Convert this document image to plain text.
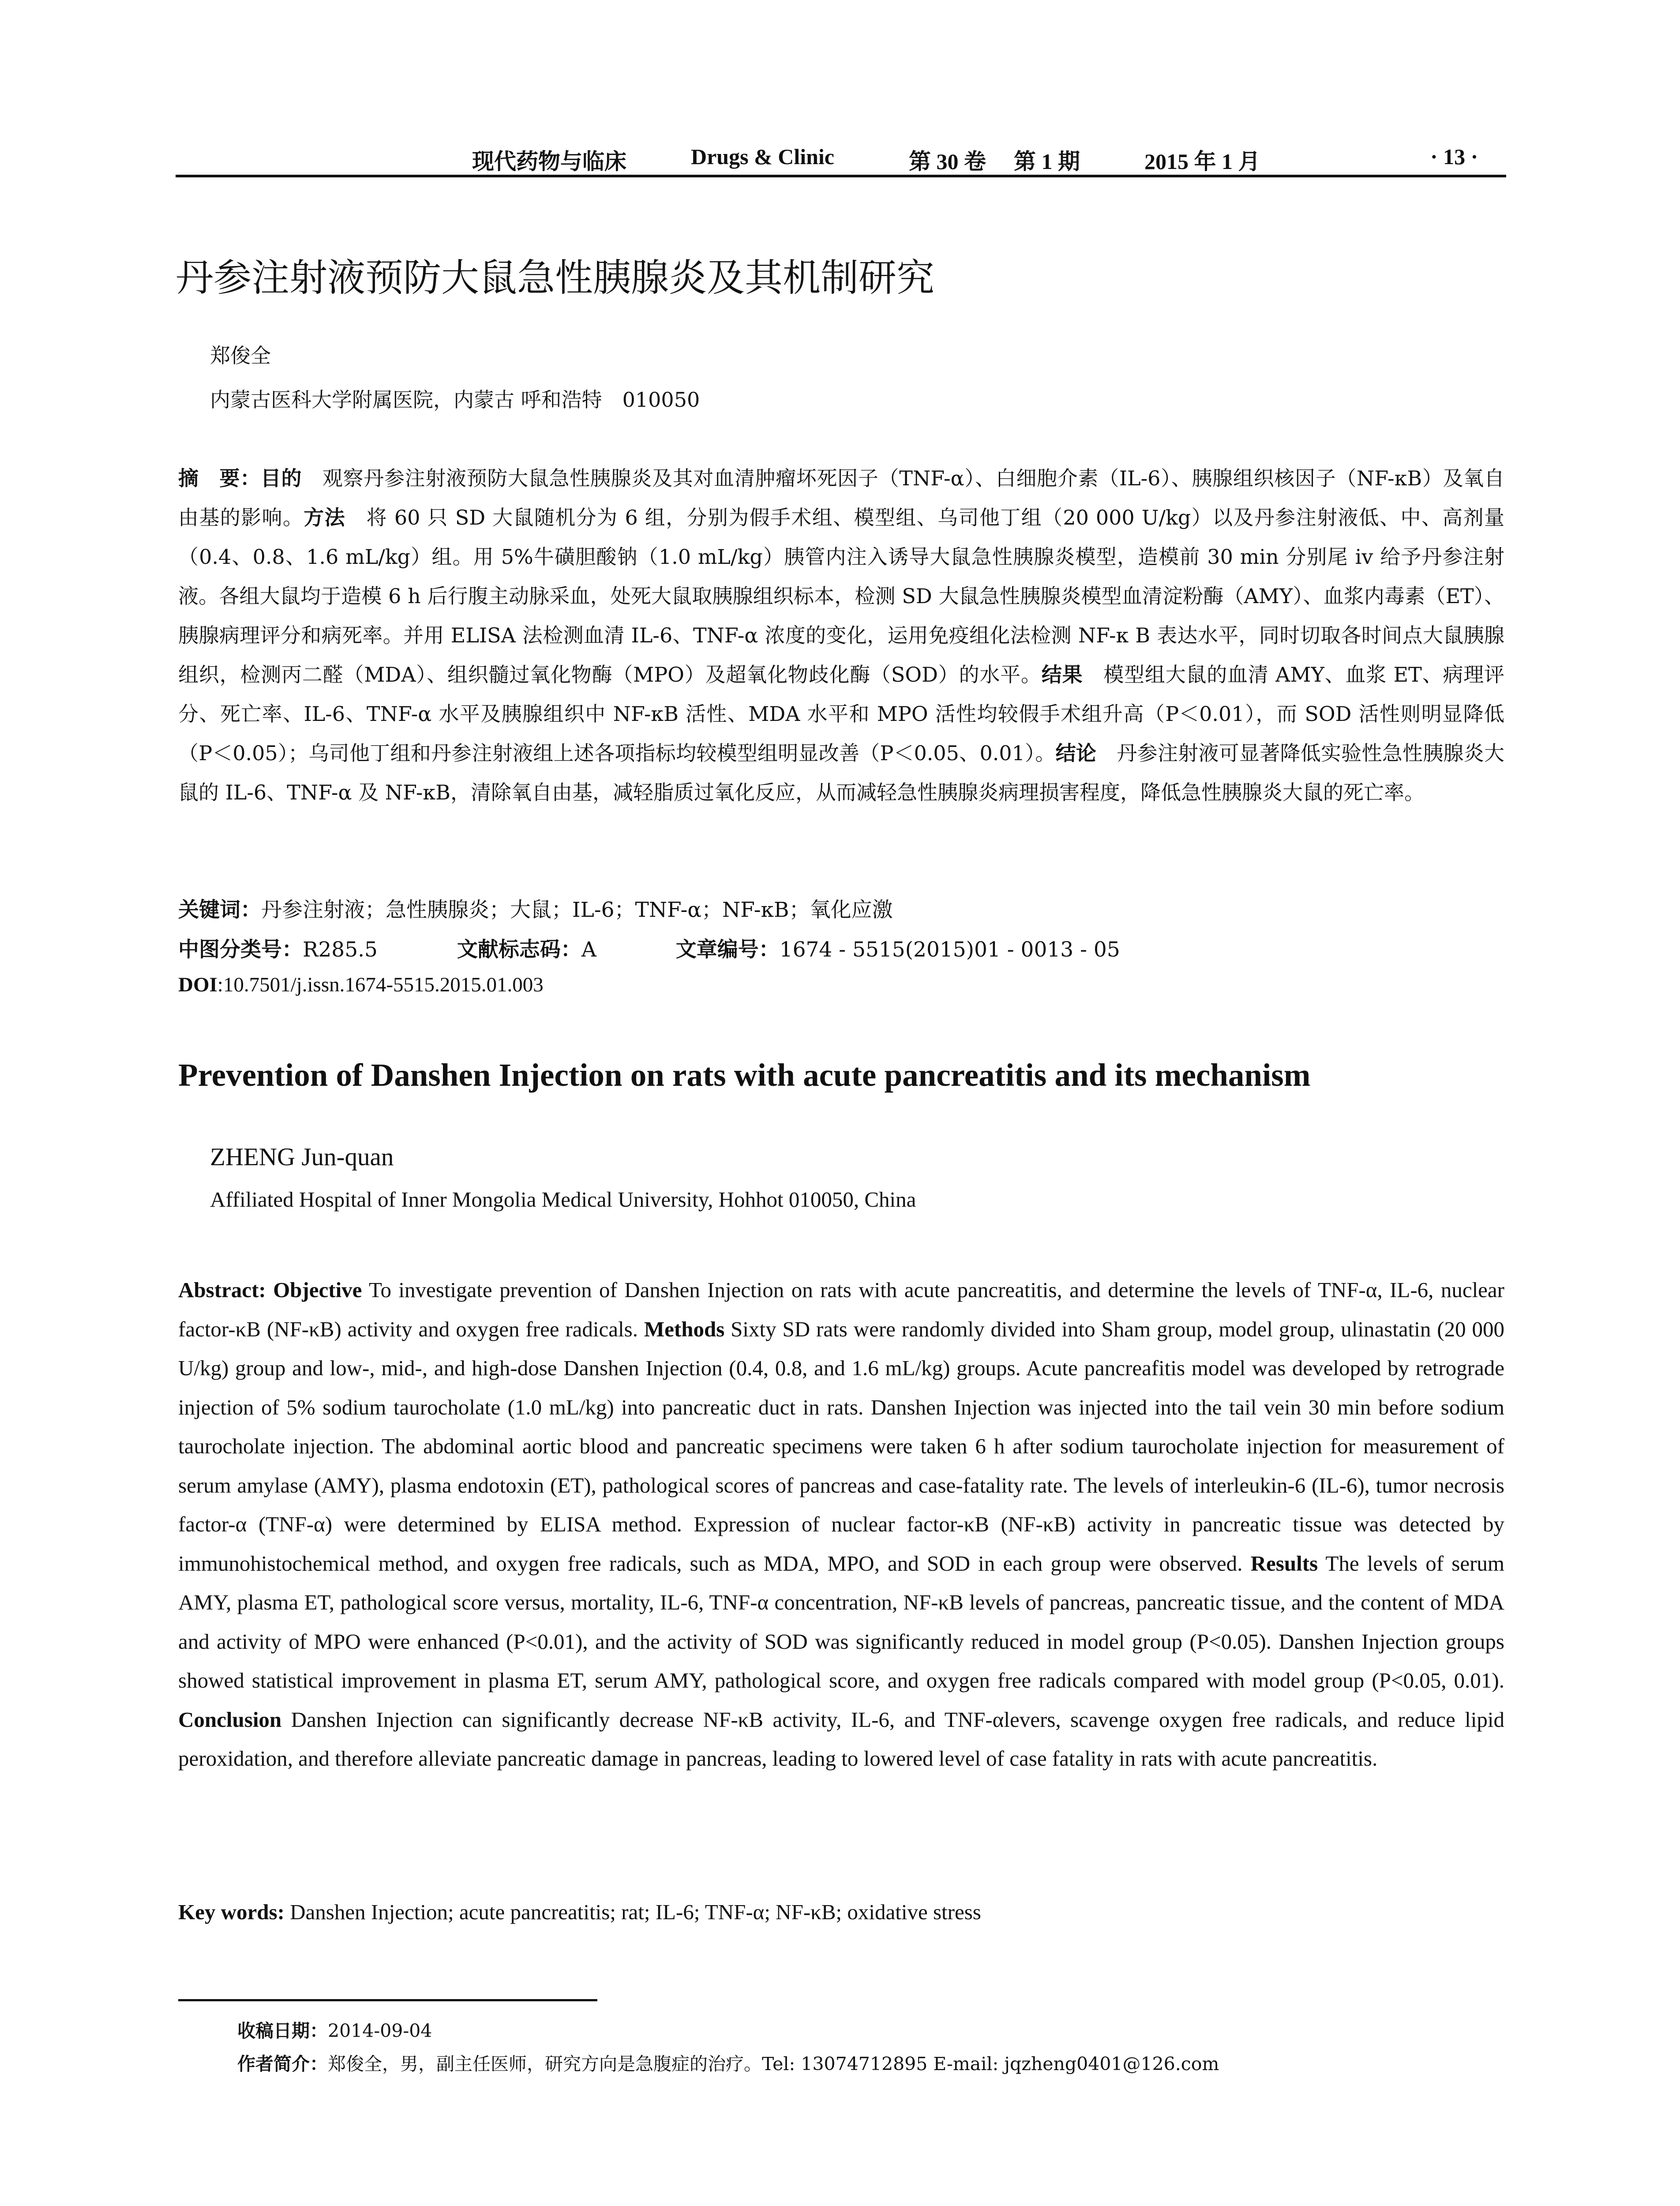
现代药物与临床	Drugs & Clinic	第 30 卷 第 1 期	2015 年 1 月	· 13 ·
丹参注射液预防大鼠急性胰腺炎及其机制研究
郑俊全
内蒙古医科大学附属医院，内蒙古 呼和浩特　010050
摘　要：目的　观察丹参注射液预防大鼠急性胰腺炎及其对血清肿瘤坏死因子（TNF-α）、白细胞介素（IL-6）、胰腺组织核因子（NF-κB）及氧自由基的影响。方法　将 60 只 SD 大鼠随机分为 6 组，分别为假手术组、模型组、乌司他丁组（20 000 U/kg）以及丹参注射液低、中、高剂量（0.4、0.8、1.6 mL/kg）组。用 5%牛磺胆酸钠（1.0 mL/kg）胰管内注入诱导大鼠急性胰腺炎模型，造模前 30 min 分别尾 iv 给予丹参注射液。各组大鼠均于造模 6 h 后行腹主动脉采血，处死大鼠取胰腺组织标本，检测 SD 大鼠急性胰腺炎模型血清淀粉酶（AMY）、血浆内毒素（ET）、胰腺病理评分和病死率。并用 ELISA 法检测血清 IL-6、TNF-α 浓度的变化，运用免疫组化法检测 NF-κ B 表达水平，同时切取各时间点大鼠胰腺组织，检测丙二醛（MDA）、组织髓过氧化物酶（MPO）及超氧化物歧化酶（SOD）的水平。结果　模型组大鼠的血清 AMY、血浆 ET、病理评分、死亡率、IL-6、TNF-α 水平及胰腺组织中 NF-κB 活性、MDA 水平和 MPO 活性均较假手术组升高（P＜0.01），而 SOD 活性则明显降低（P＜0.05）；乌司他丁组和丹参注射液组上述各项指标均较模型组明显改善（P＜0.05、0.01）。结论　丹参注射液可显著降低实验性急性胰腺炎大鼠的 IL-6、TNF-α 及 NF-κB，清除氧自由基，减轻脂质过氧化反应，从而减轻急性胰腺炎病理损害程度，降低急性胰腺炎大鼠的死亡率。
关键词：丹参注射液；急性胰腺炎；大鼠；IL-6；TNF-α；NF-κB；氧化应激
中图分类号：R285.5	文献标志码：A	文章编号：1674 - 5515(2015)01 - 0013 - 05
DOI:10.7501/j.issn.1674-5515.2015.01.003
Prevention of Danshen Injection on rats with acute pancreatitis and its mechanism
ZHENG Jun-quan
Affiliated Hospital of Inner Mongolia Medical University, Hohhot 010050, China
Abstract: Objective To investigate prevention of Danshen Injection on rats with acute pancreatitis, and determine the levels of TNF-α, IL-6, nuclear factor-κB (NF-κB) activity and oxygen free radicals. Methods Sixty SD rats were randomly divided into Sham group, model group, ulinastatin (20 000 U/kg) group and low-, mid-, and high-dose Danshen Injection (0.4, 0.8, and 1.6 mL/kg) groups. Acute pancreafitis model was developed by retrograde injection of 5% sodium taurocholate (1.0 mL/kg) into pancreatic duct in rats. Danshen Injection was injected into the tail vein 30 min before sodium taurocholate injection. The abdominal aortic blood and pancreatic specimens were taken 6 h after sodium taurocholate injection for measurement of serum amylase (AMY), plasma endotoxin (ET), pathological scores of pancreas and case-fatality rate. The levels of interleukin-6 (IL-6), tumor necrosis factor-α (TNF-α) were determined by ELISA method. Expression of nuclear factor-κB (NF-κB) activity in pancreatic tissue was detected by immunohistochemical method, and oxygen free radicals, such as MDA, MPO, and SOD in each group were observed. Results The levels of serum AMY, plasma ET, pathological score versus, mortality, IL-6, TNF-α concentration, NF-κB levels of pancreas, pancreatic tissue, and the content of MDA and activity of MPO were enhanced (P<0.01), and the activity of SOD was significantly reduced in model group (P<0.05). Danshen Injection groups showed statistical improvement in plasma ET, serum AMY, pathological score, and oxygen free radicals compared with model group (P<0.05, 0.01). Conclusion Danshen Injection can significantly decrease NF-κB activity, IL-6, and TNF-αlevers, scavenge oxygen free radicals, and reduce lipid peroxidation, and therefore alleviate pancreatic damage in pancreas, leading to lowered level of case fatality in rats with acute pancreatitis.
Key words: Danshen Injection; acute pancreatitis; rat; IL-6; TNF-α; NF-κB; oxidative stress
收稿日期：2014-09-04
作者简介：郑俊全，男，副主任医师，研究方向是急腹症的治疗。Tel: 13074712895 E-mail: jqzheng0401@126.com
